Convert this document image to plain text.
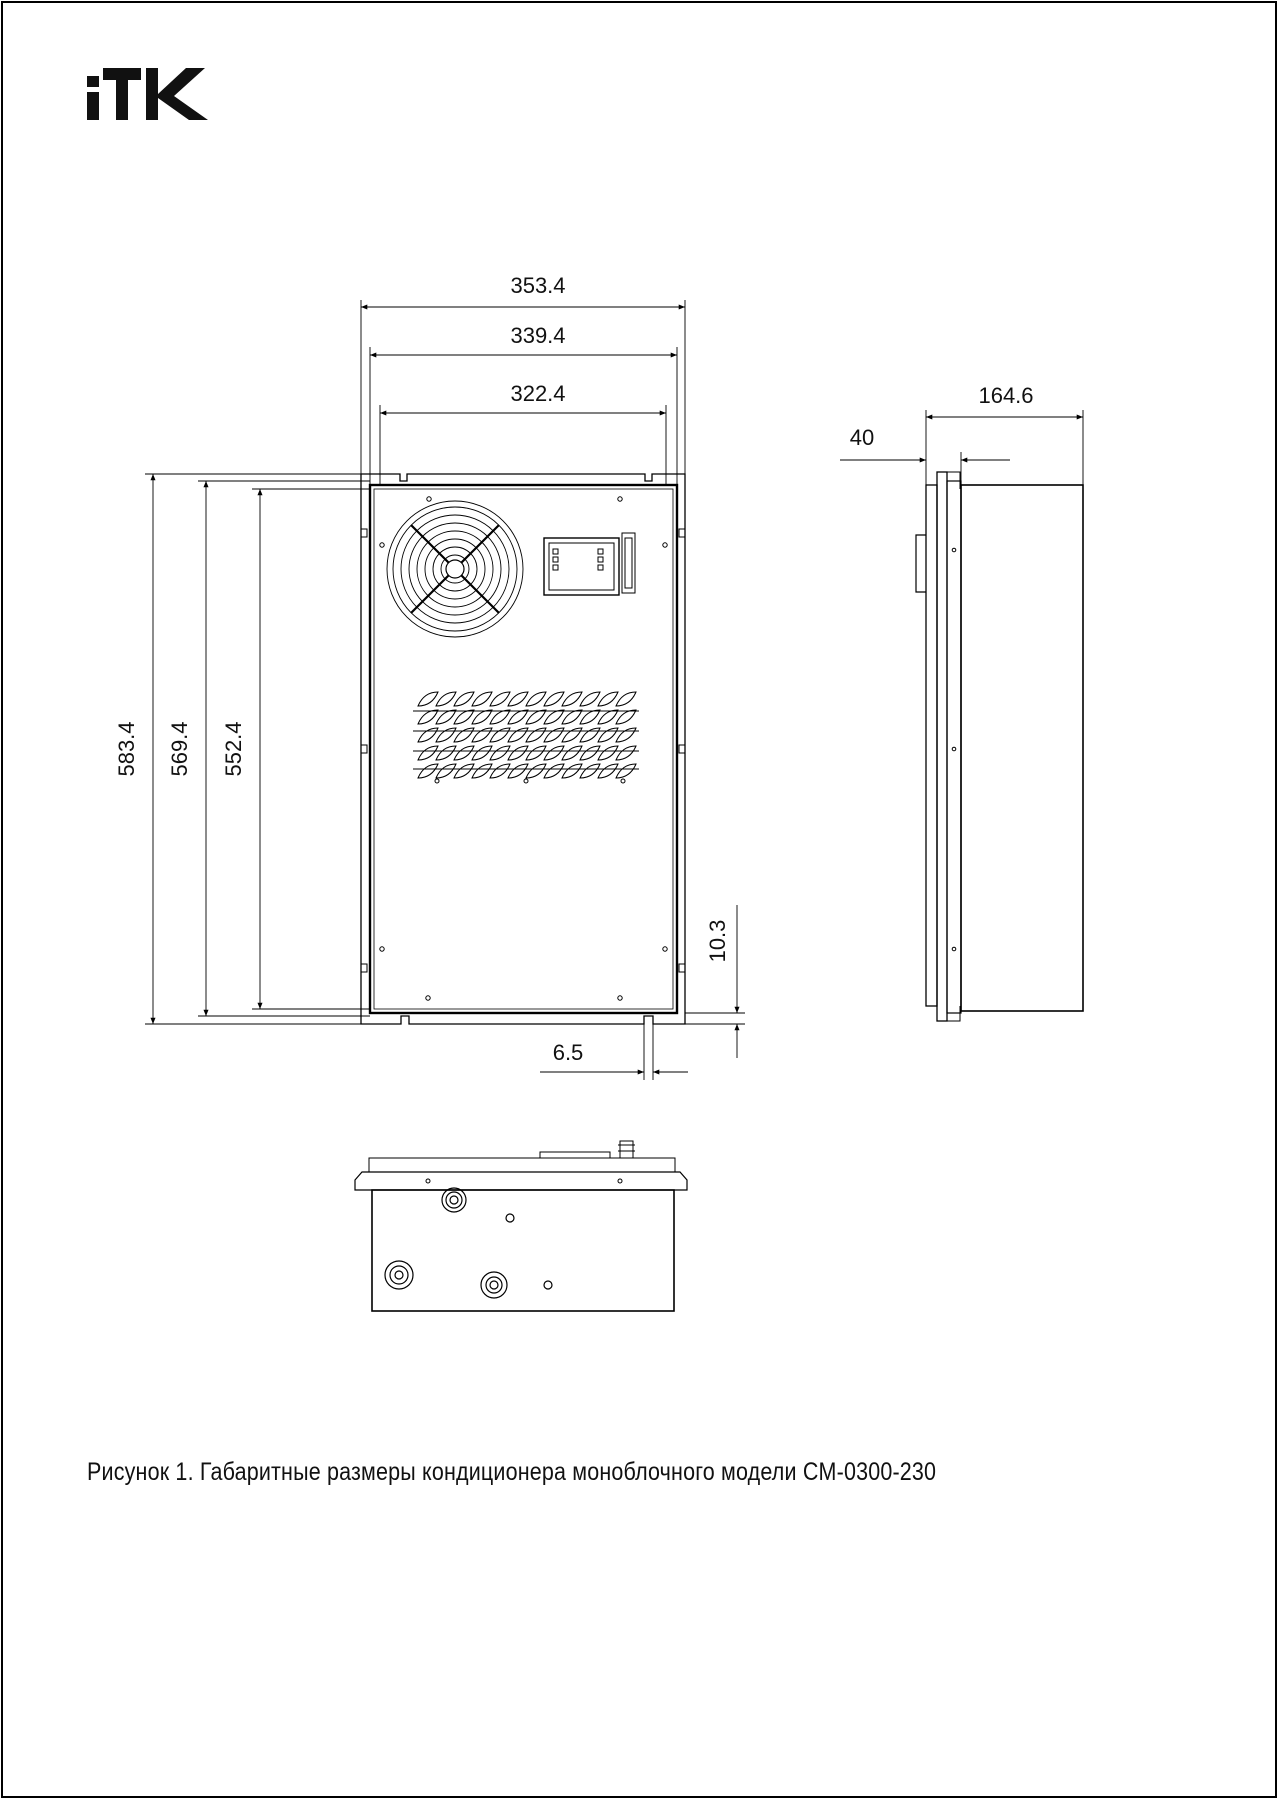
353.4
339.4
322.4
583.4 569.4 552.4
10.3
6.5
164.6
40
Рисунок 1. Габаритные размеры кондиционера моноблочного модели CM-0300-230
